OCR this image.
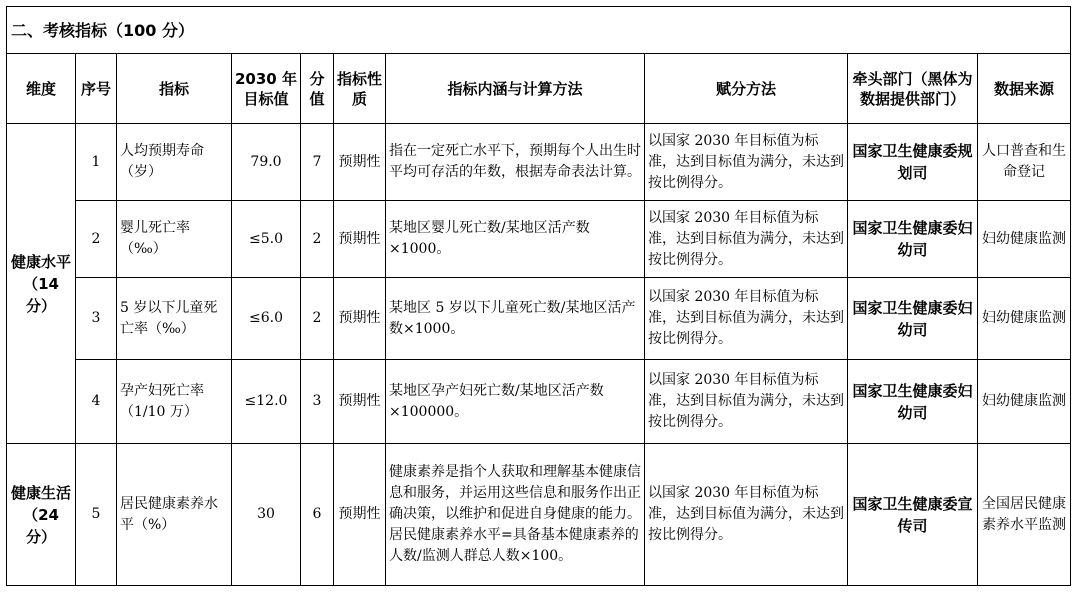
二、考核指标（100 分）									
维度	序号	指标	2030 年目标值	分值	指标性质	指标内涵与计算方法	赋分方法	牵头部门（黑体为数据提供部门）	数据来源
健康水平（14 分）	1	人均预期寿命（岁）	79.0	7	预期性	指在一定死亡水平下，预期每个人出生时平均可存活的年数，根据寿命表法计算。	以国家 2030 年目标值为标准，达到目标值为满分，未达到按比例得分。	国家卫生健康委规划司	人口普查和生命登记
	2	婴儿死亡率（‰）	≤5.0	2	预期性	某地区婴儿死亡数/某地区活产数×1000。	以国家 2030 年目标值为标准，达到目标值为满分，未达到按比例得分。	国家卫生健康委妇幼司	妇幼健康监测
	3	5 岁以下儿童死亡率（‰）	≤6.0	2	预期性	某地区 5 岁以下儿童死亡数/某地区活产数×1000。	以国家 2030 年目标值为标准，达到目标值为满分，未达到按比例得分。	国家卫生健康委妇幼司	妇幼健康监测
	4	孕产妇死亡率（1/10 万）	≤12.0	3	预期性	某地区孕产妇死亡数/某地区活产数×100000。	以国家 2030 年目标值为标准，达到目标值为满分，未达到按比例得分。	国家卫生健康委妇幼司	妇幼健康监测
健康生活（24 分）	5	居民健康素养水平（%）	30	6	预期性	健康素养是指个人获取和理解基本健康信息和服务，并运用这些信息和服务作出正确决策，以维护和促进自身健康的能力。居民健康素养水平=具备基本健康素养的人数/监测人群总人数×100。	以国家 2030 年目标值为标准，达到目标值为满分，未达到按比例得分。	国家卫生健康委宣传司	全国居民健康素养水平监测
